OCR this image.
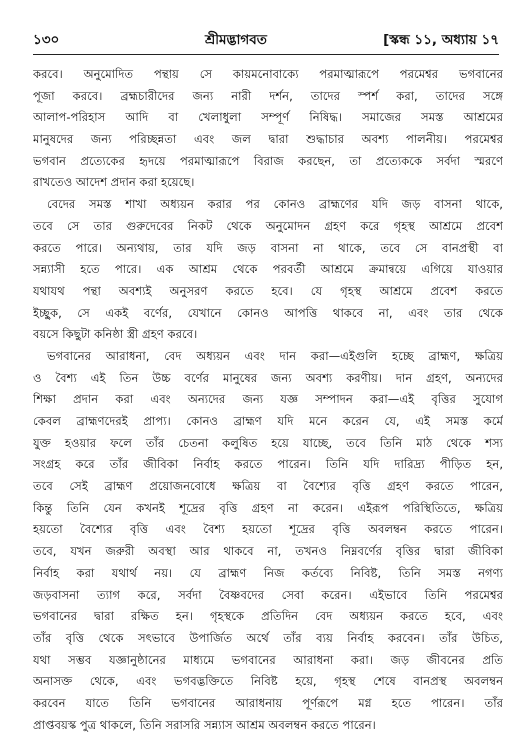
১৩০	শ্রীমদ্ভাগবত	[স্কন্ধ ১১, অধ্যায় ১৭
করবে। অনুমোদিত পন্থায় সে কায়মনোবাক্যে পরমাত্মারূপে পরমেশ্বর ভগবানের
পূজা করবে। ব্রহ্মচারীদের জন্য নারী দর্শন, তাদের স্পর্শ করা, তাদের সঙ্গে
আলাপ-পরিহাস আদি বা খেলাধুলা সম্পূর্ণ নিষিদ্ধ। সমাজের সমস্ত আশ্রমের
মানুষদের জন্য পরিচ্ছন্নতা এবং জল দ্বারা শুদ্ধাচার অবশ্য পালনীয়। পরমেশ্বর
ভগবান প্রত্যেকের হৃদয়ে পরমাত্মারূপে বিরাজ করছেন, তা প্রত্যেককে সর্বদা স্মরণে
রাখতেও আদেশ প্রদান করা হয়েছে।
বেদের সমস্ত শাখা অধ্যয়ন করার পর কোনও ব্রাহ্মণের যদি জড় বাসনা থাকে,
তবে সে তার গুরুদেবের নিকট থেকে অনুমোদন গ্রহণ করে গৃহস্থ আশ্রমে প্রবেশ
করতে পারে। অন্যথায়, তার যদি জড় বাসনা না থাকে, তবে সে বানপ্রস্থী বা
সন্ন্যাসী হতে পারে। এক আশ্রম থেকে পরবর্তী আশ্রমে ক্রমান্বয়ে এগিয়ে যাওয়ার
যথাযথ পন্থা অবশ্যই অনুসরণ করতে হবে। যে গৃহস্থ আশ্রমে প্রবেশ করতে
ইচ্ছুক, সে একই বর্ণের, যেখানে কোনও আপত্তি থাকবে না, এবং তার থেকে
বয়সে কিছুটা কনিষ্ঠা স্ত্রী গ্রহণ করবে।
ভগবানের আরাধনা, বেদ অধ্যয়ন এবং দান করা—এইগুলি হচ্ছে ব্রাহ্মণ, ক্ষত্রিয়
ও বৈশ্য এই তিন উচ্চ বর্ণের মানুষের জন্য অবশ্য করণীয়। দান গ্রহণ, অন্যদের
শিক্ষা প্রদান করা এবং অন্যদের জন্য যজ্ঞ সম্পাদন করা—এই বৃত্তির সুযোগ
কেবল ব্রাহ্মণদেরই প্রাপ্য। কোনও ব্রাহ্মণ যদি মনে করেন যে, এই সমস্ত কর্মে
যুক্ত হওয়ার ফলে তাঁর চেতনা কলুষিত হয়ে যাচ্ছে, তবে তিনি মাঠ থেকে শস্য
সংগ্রহ করে তাঁর জীবিকা নির্বাহ করতে পারেন। তিনি যদি দারিদ্র্য পীড়িত হন,
তবে সেই ব্রাহ্মণ প্রয়োজনবোধে ক্ষত্রিয় বা বৈশ্যের বৃত্তি গ্রহণ করতে পারেন,
কিন্তু তিনি যেন কখনই শূদ্রের বৃত্তি গ্রহণ না করেন। এইরূপ পরিস্থিতিতে, ক্ষত্রিয়
হয়তো বৈশ্যের বৃত্তি এবং বৈশ্য হয়তো শূদ্রের বৃত্তি অবলম্বন করতে পারেন।
তবে, যখন জরুরী অবস্থা আর থাকবে না, তখনও নিম্নবর্ণের বৃত্তির দ্বারা জীবিকা
নির্বাহ করা যথার্থ নয়। যে ব্রাহ্মণ নিজ কর্তব্যে নিবিষ্ট, তিনি সমস্ত নগণ্য
জড়বাসনা ত্যাগ করে, সর্বদা বৈষ্ণবদের সেবা করেন। এইভাবে তিনি পরমেশ্বর
ভগবানের দ্বারা রক্ষিত হন। গৃহস্থকে প্রতিদিন বেদ অধ্যয়ন করতে হবে, এবং
তাঁর বৃত্তি থেকে সৎভাবে উপার্জিত অর্থে তাঁর ব্যয় নির্বাহ করবেন। তাঁর উচিত,
যথা সম্ভব যজ্ঞানুষ্ঠানের মাধ্যমে ভগবানের আরাধনা করা। জড় জীবনের প্রতি
অনাসক্ত থেকে, এবং ভগবদ্ভক্তিতে নিবিষ্ট হয়ে, গৃহস্থ শেষে বানপ্রস্থ অবলম্বন
করবেন যাতে তিনি ভগবানের আরাধনায় পূর্ণরূপে মগ্ন হতে পারেন। তাঁর
প্রাপ্তবয়স্ক পুত্র থাকলে, তিনি সরাসরি সন্ন্যাস আশ্রম অবলম্বন করতে পারেন।
